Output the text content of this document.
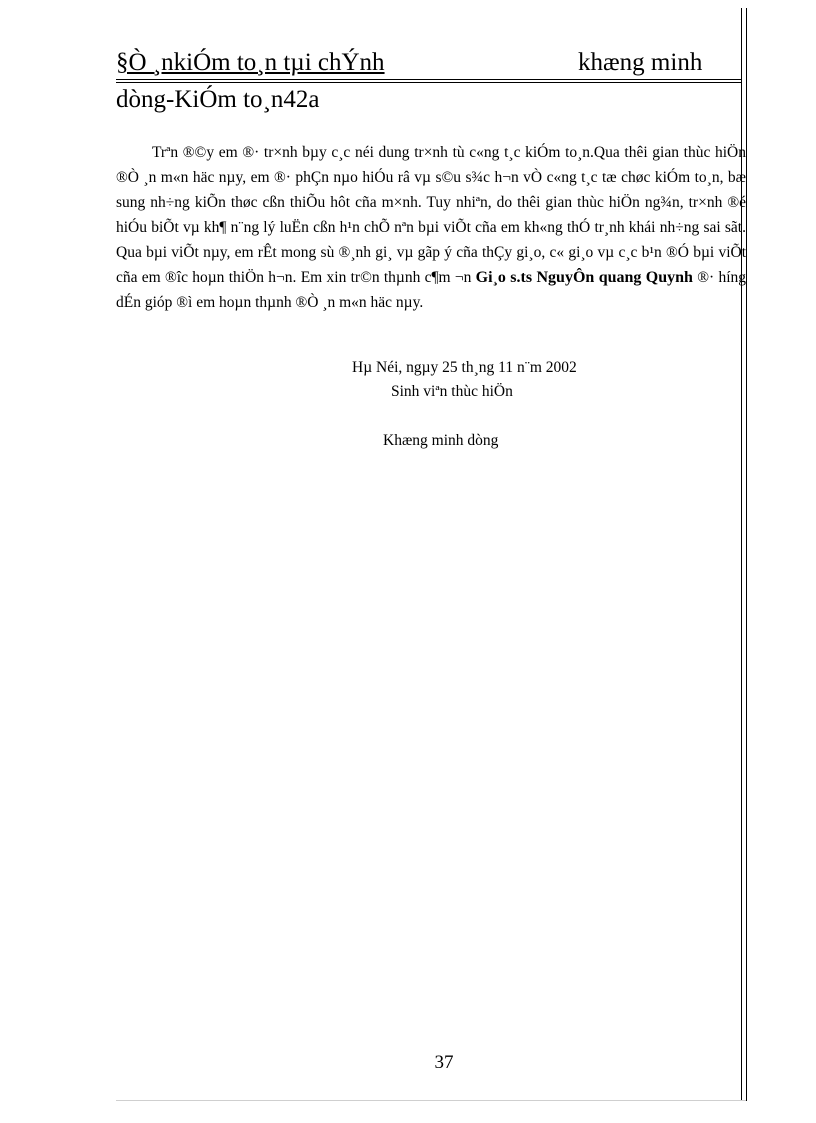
§Ò ¸nkiÓm to¸n tµi chÝnh	khæng minh
dòng-KiÓm to¸n42a

Trªn ®©y em ®· tr×nh bµy c¸c néi dung tr×nh tù c«ng t¸c kiÓm to¸n.Qua thêi gian thùc hiÖn ®Ò ¸n m«n häc nµy, em ®· phÇn nµo hiÓu râ vµ s©u s¾c h¬n vÒ c«ng t¸c tæ chøc kiÓm to¸n, bæ sung nh÷ng kiÕn thøc cßn thiÕu hôt cña m×nh. Tuy nhiªn, do thêi gian thùc hiÖn ng¾n, tr×nh ®é hiÓu biÕt vµ kh¶ n¨ng lý luËn cßn h¹n chÕ nªn bµi viÕt cña em kh«ng thÓ tr¸nh khái nh÷ng sai sãt. Qua bµi viÕt nµy, em rÊt mong sù ®¸nh gi¸ vµ gãp ý cña thÇy gi¸o, c« gi¸o vµ c¸c b¹n ®Ó bµi viÕt cña em ®îc hoµn thiÖn h¬n. Em xin tr©n thµnh c¶m ¬n Gi¸o s.ts NguyÔn quang Quynh ®· híng dÉn gióp ®ì em hoµn thµnh ®Ò ¸n m«n häc nµy.

Hµ Néi, ngµy 25 th¸ng 11 n¨m 2002
Sinh viªn thùc hiÖn
Khæng minh dòng
37
